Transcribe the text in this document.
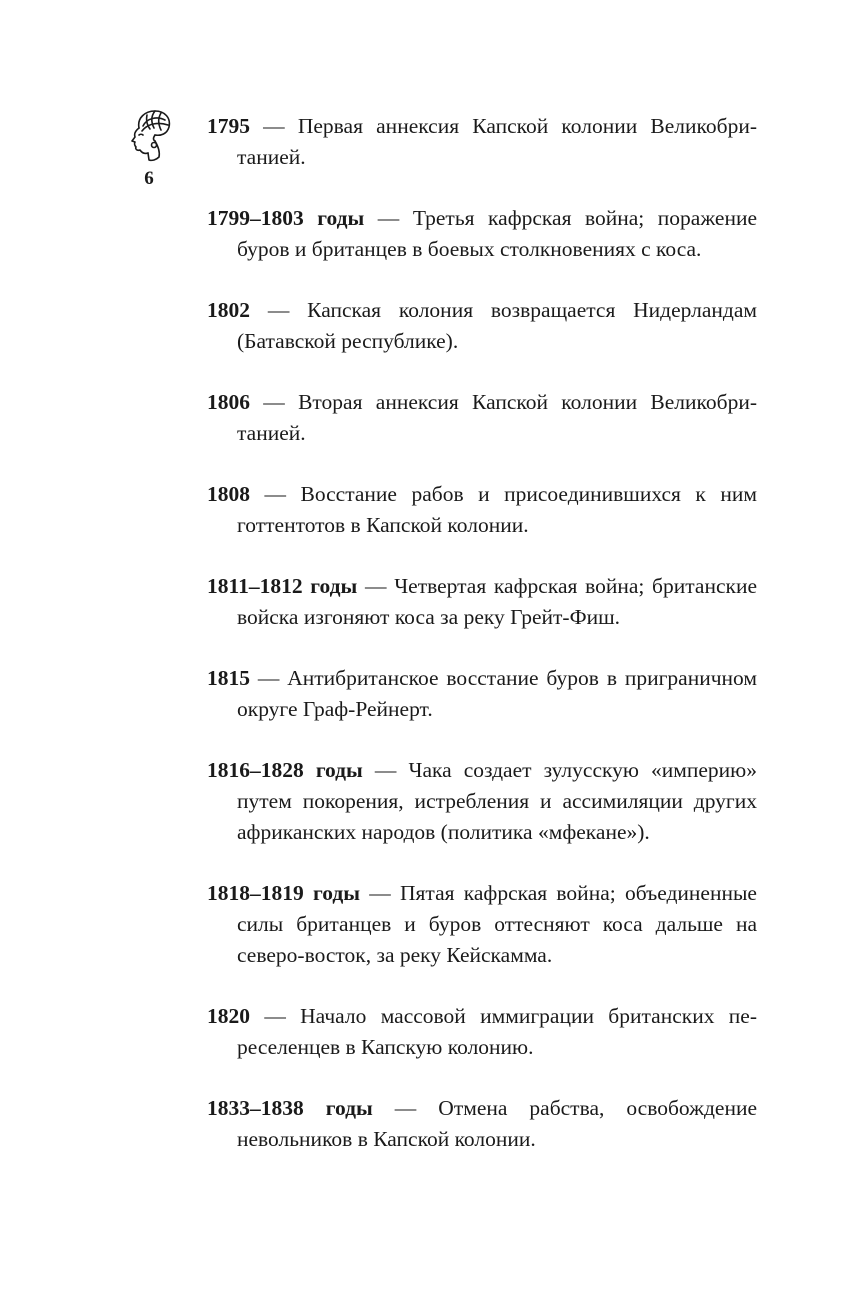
6
1795 — Первая аннексия Капской колонии Великобританией.
1799–1803 годы — Третья кафрская война; поражение буров и британцев в боевых столкновениях с коса.
1802 — Капская колония возвращается Нидерландам (Батавской республике).
1806 — Вторая аннексия Капской колонии Великобританией.
1808 — Восстание рабов и присоединившихся к ним готтентотов в Капской колонии.
1811–1812 годы — Четвертая кафрская война; британские войска изгоняют коса за реку Грейт-Фиш.
1815 — Антибританское восстание буров в приграничном округе Граф-Рейнерт.
1816–1828 годы — Чака создает зулусскую «империю» путем покорения, истребления и ассимиляции других африканских народов (политика «мфекане»).
1818–1819 годы — Пятая кафрская война; объединенные силы британцев и буров оттесняют коса дальше на северо-восток, за реку Кейскамма.
1820 — Начало массовой иммиграции британских переселенцев в Капскую колонию.
1833–1838 годы — Отмена рабства, освобождение невольников в Капской колонии.
